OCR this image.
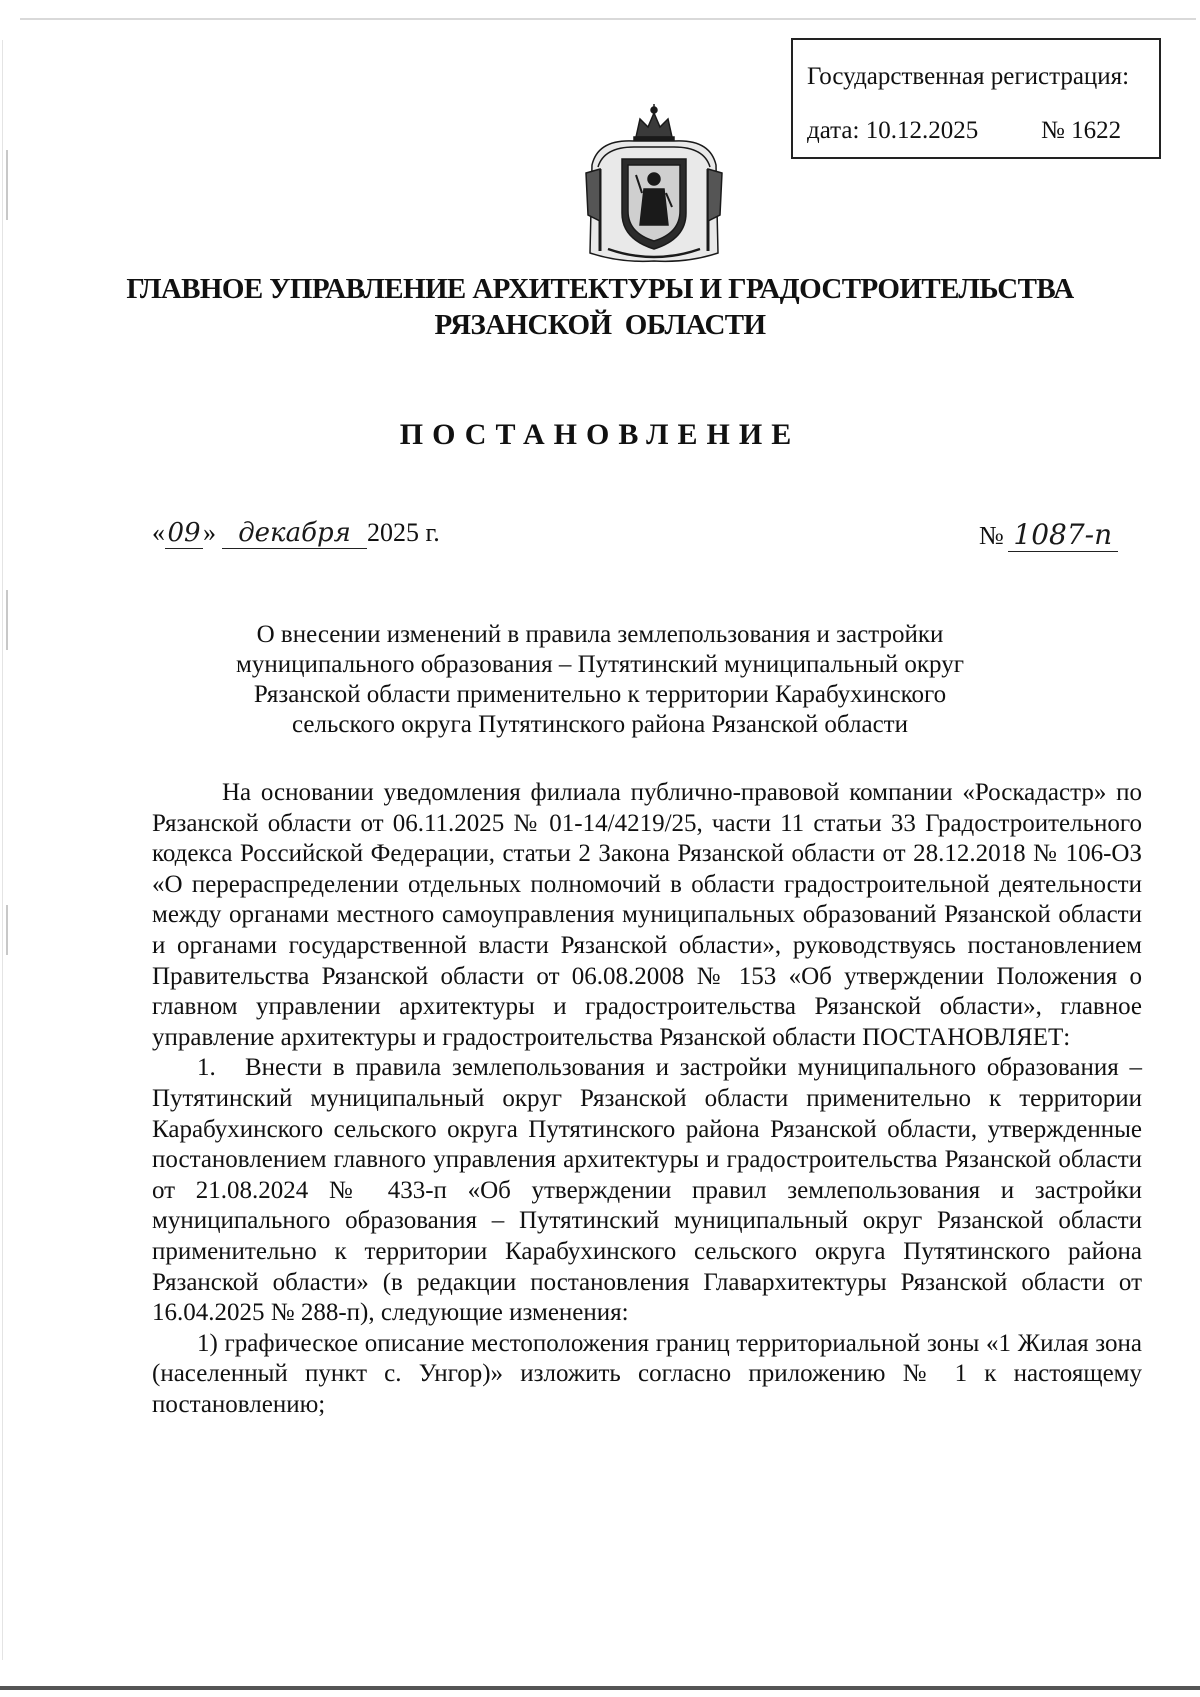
Государственная регистрация:
дата: 10.12.2025	№ 1622
ГЛАВНОЕ УПРАВЛЕНИЕ АРХИТЕКТУРЫ И ГРАДОСТРОИТЕЛЬСТВА
РЯЗАНСКОЙ  ОБЛАСТИ
ПОСТАНОВЛЕНИЕ
«09» декабря 2025 г.	№ 1087-п
О внесении изменений в правила землепользования и застройки
муниципального образования – Путятинский муниципальный округ
Рязанской области применительно к территории Карабухинского
сельского округа Путятинского района Рязанской области

На основании уведомления филиала публично-правовой компании «Роскадастр» по Рязанской области от 06.11.2025 № 01-14/4219/25, части 11 статьи 33 Градостроительного кодекса Российской Федерации, статьи 2 Закона Рязанской области от 28.12.2018 № 106-ОЗ «О перераспределении отдельных полномочий в области градостроительной деятельности между органами местного самоуправления муниципальных образований Рязанской области и органами государственной власти Рязанской области», руководствуясь постановлением Правительства Рязанской области от 06.08.2008 № 153 «Об утверждении Положения о главном управлении архитектуры и градостроительства Рязанской области», главное управление архитектуры и градостроительства Рязанской области ПОСТАНОВЛЯЕТ:

1. Внести в правила землепользования и застройки муниципального образования – Путятинский муниципальный округ Рязанской области применительно к территории Карабухинского сельского округа Путятинского района Рязанской области, утвержденные постановлением главного управления архитектуры и градостроительства Рязанской области от 21.08.2024 № 433-п «Об утверждении правил землепользования и застройки муниципального образования – Путятинский муниципальный округ Рязанской области применительно к территории Карабухинского сельского округа Путятинского района Рязанской области» (в редакции постановления Главархитектуры Рязанской области от 16.04.2025 № 288-п), следующие изменения:

1) графическое описание местоположения границ территориальной зоны «1 Жилая зона (населенный пункт с. Унгор)» изложить согласно приложению № 1 к настоящему постановлению;
